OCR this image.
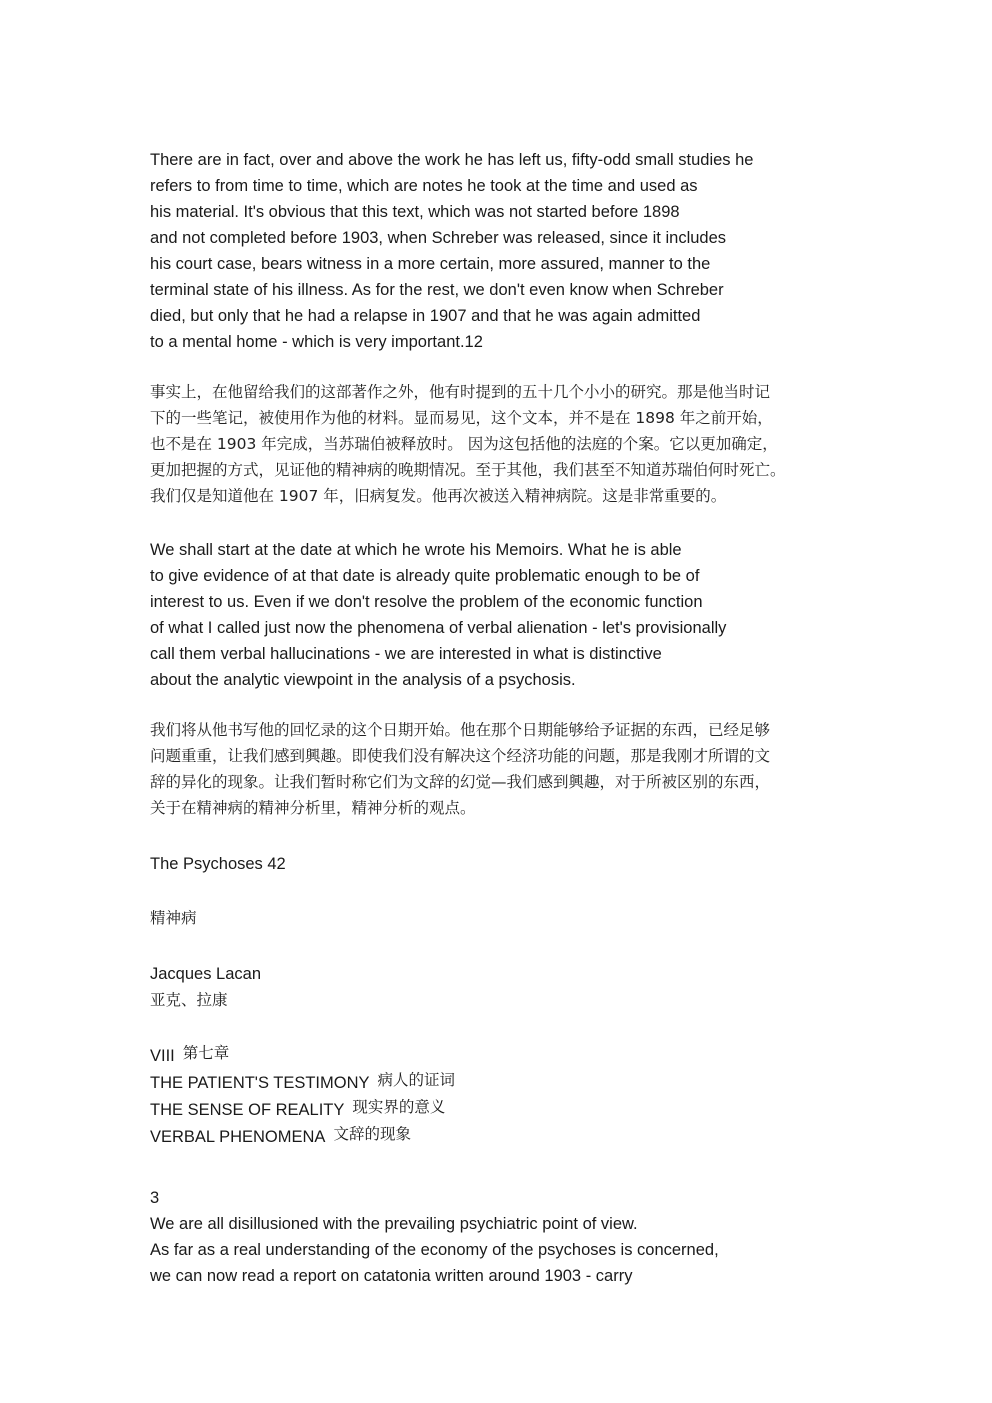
There are in fact, over and above the work he has left us, fifty-odd small studies he
refers to from time to time, which are notes he took at the time and used as
his material. It's obvious that this text, which was not started before 1898
and not completed before 1903, when Schreber was released, since it includes
his court case, bears witness in a more certain, more assured, manner to the
terminal state of his illness. As for the rest, we don't even know when Schreber
died, but only that he had a relapse in 1907 and that he was again admitted
to a mental home - which is very important.12

事实上，在他留给我们的这部著作之外，他有时提到的五十几个小小的研究。那是他当时记
下的一些笔记，被使用作为他的材料。显而易见，这个文本，并不是在 1898 年之前开始，
也不是在 1903 年完成，当苏瑞伯被释放时。 因为这包括他的法庭的个案。它以更加确定，
更加把握的方式，见证他的精神病的晚期情况。至于其他，我们甚至不知道苏瑞伯何时死亡。
我们仅是知道他在 1907 年，旧病复发。他再次被送入精神病院。这是非常重要的。

We shall start at the date at which he wrote his Memoirs. What he is able
to give evidence of at that date is already quite problematic enough to be of
interest to us. Even if we don't resolve the problem of the economic function
of what I called just now the phenomena of verbal alienation - let's provisionally
call them verbal hallucinations - we are interested in what is distinctive
about the analytic viewpoint in the analysis of a psychosis.

我们将从他书写他的回忆录的这个日期开始。他在那个日期能够给予证据的东西，已经足够
问题重重，让我们感到興趣。即使我们没有解决这个经济功能的问题，那是我刚才所谓的文
辞的异化的现象。让我们暂时称它们为文辞的幻觉—我们感到興趣，对于所被区别的东西，
关于在精神病的精神分析里，精神分析的观点。

The Psychoses 42

精神病

Jacques Lacan

亚克、拉康

VIII 第七章
THE PATIENT'S TESTIMONY 病人的证词
THE SENSE OF REALITY 现实界的意义
VERBAL PHENOMENA 文辞的现象

3
We are all disillusioned with the prevailing psychiatric point of view.
As far as a real understanding of the economy of the psychoses is concerned,
we can now read a report on catatonia written around 1903 - carry
